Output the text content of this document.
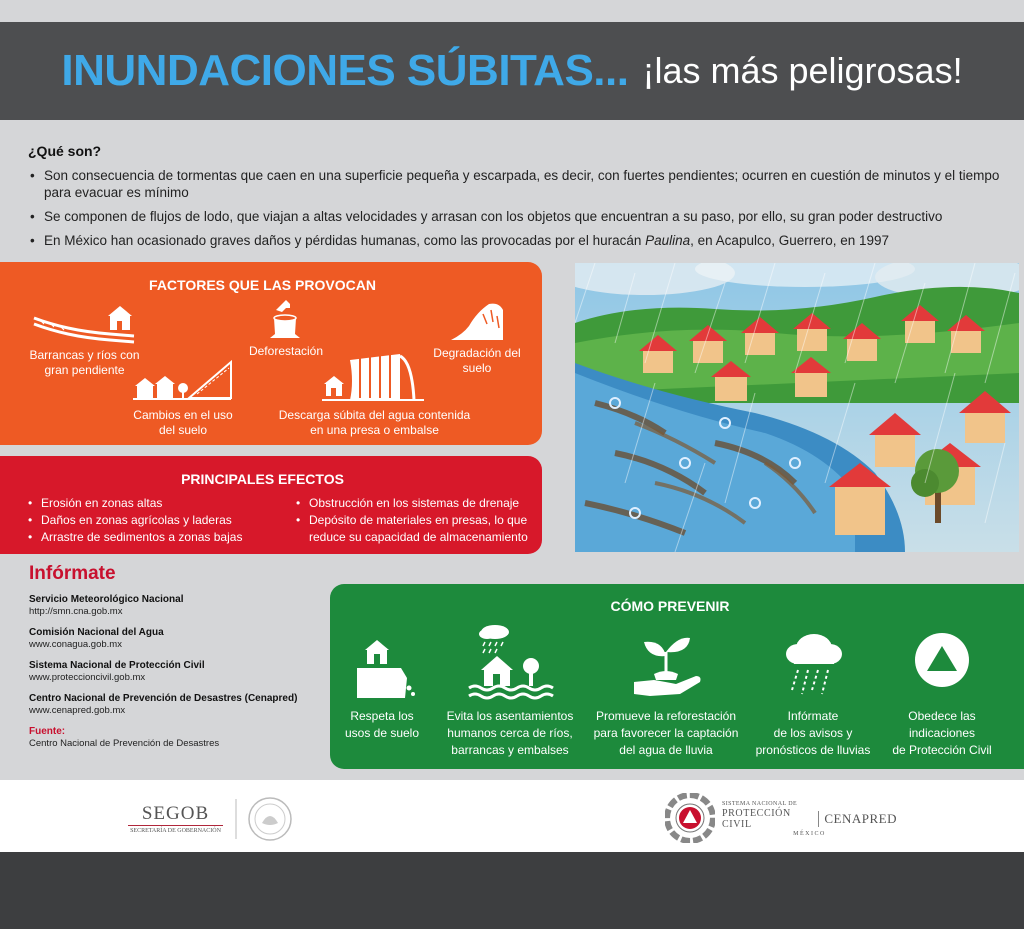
INUNDACIONES SÚBITAS... ¡las más peligrosas!
¿Qué son?
• Son consecuencia de tormentas que caen en una superficie pequeña y escarpada, es decir, con fuertes pendientes; ocurren en cuestión de minutos y el tiempo para evacuar es mínimo
• Se componen de flujos de lodo, que viajan a altas velocidades y arrasan con los objetos que encuentran a su paso, por ello, su gran poder destructivo
• En México han ocasionado graves daños y pérdidas humanas, como las provocadas por el huracán Paulina, en Acapulco, Guerrero, en 1997
FACTORES QUE LAS PROVOCAN
Barrancas y ríos con
gran pendiente
Deforestación	Degradación del
suelo
Cambios en el uso
del suelo
Descarga súbita del agua contenida
en una presa o embalse
PRINCIPALES EFECTOS
• Erosión en zonas altas
• Daños en zonas agrícolas y laderas
• Arrastre de sedimentos a zonas bajas
• Obstrucción en los sistemas de drenaje
• Depósito de materiales en presas, lo que
reduce su capacidad de almacenamiento
Infórmate
Servicio Meteorológico Nacional
http://smn.cna.gob.mx
Comisión Nacional del Agua
www.conagua.gob.mx
Sistema Nacional de Protección Civil
www.proteccioncivil.gob.mx
Centro Nacional de Prevención de Desastres (Cenapred)
www.cenapred.gob.mx
Fuente:
Centro Nacional de Prevención de Desastres
CÓMO PREVENIR
Respeta los
usos de suelo
Evita los asentamientos
humanos cerca de ríos,
barrancas y embalses
Promueve la reforestación
para favorecer la captación
del agua de lluvia
Infórmate
de los avisos y
pronósticos de lluvias
Obedece las
indicaciones
de Protección Civil
SEGOB
SECRETARÍA DE GOBERNACIÓN
SISTEMA NACIONAL DE
PROTECCIÓN CIVIL	CENAPRED
MÉXICO
